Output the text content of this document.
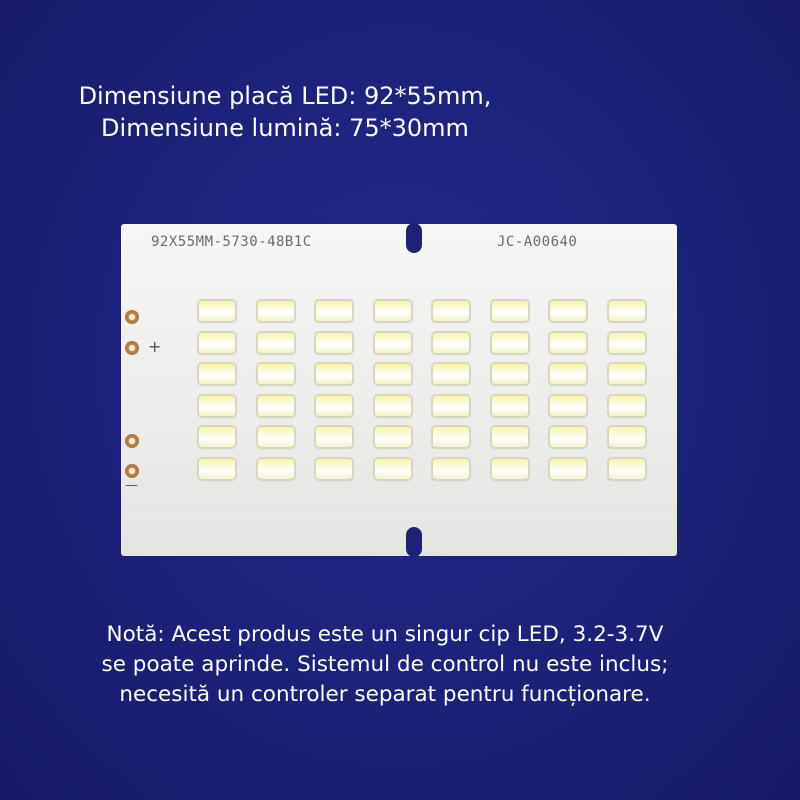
Dimensiune placă LED: 92*55mm,
Dimensiune lumină: 75*30mm
92X55MM-5730-48B1C	JC-A00640
+
—
Notă: Acest produs este un singur cip LED, 3.2-3.7V
se poate aprinde. Sistemul de control nu este inclus;
necesită un controler separat pentru funcționare.
